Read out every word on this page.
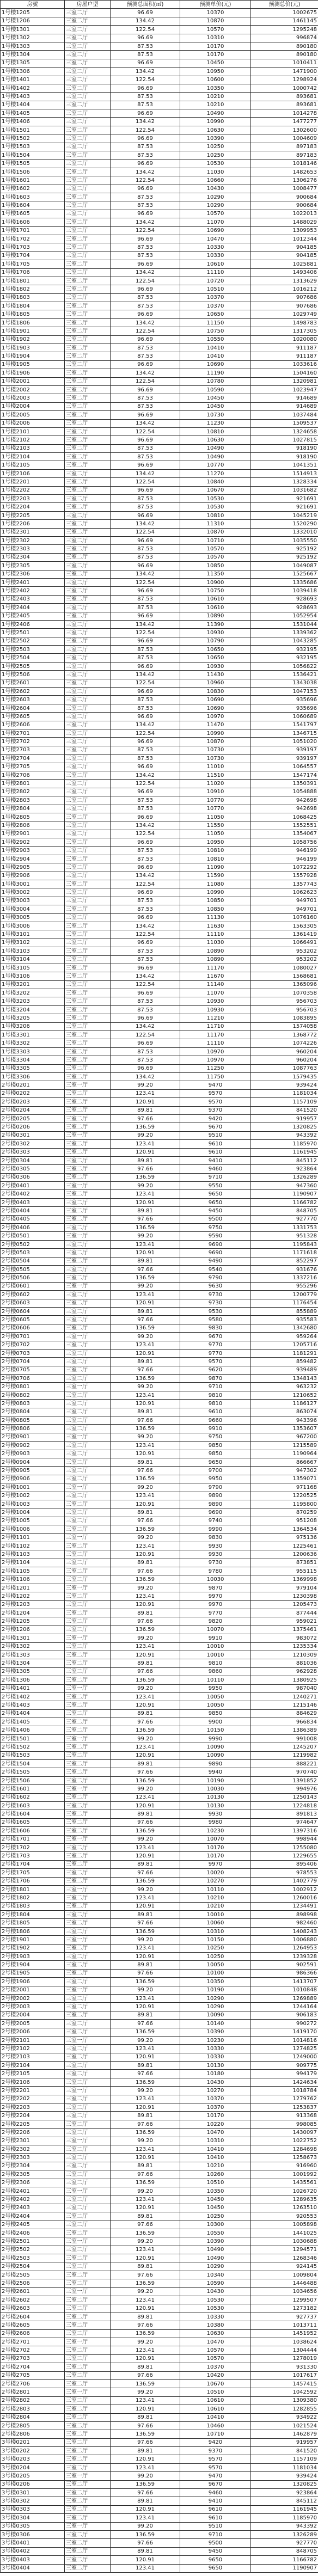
房號	房屋户型	预测总面积(㎡)	预测单价(元)	预测总价(元)
1号楼1205	三室二厅	96.69	10370	1002675
1号楼1206	三室二厅	134.42	10870	1461145
1号楼1301	三室二厅	122.54	10570	1295248
1号楼1302	三室二厅	96.69	10310	996874
1号楼1303	三室二厅	87.53	10170	890180
1号楼1304	三室二厅	87.53	10170	890180
1号楼1305	三室二厅	96.69	10450	1010411
1号楼1306	三室二厅	134.42	10950	1471900
1号楼1401	三室二厅	122.54	10600	1298924
1号楼1402	三室二厅	96.69	10350	1000742
1号楼1403	三室二厅	87.53	10210	893681
1号楼1404	三室二厅	87.53	10210	893681
1号楼1405	三室二厅	96.69	10490	1014278
1号楼1406	三室二厅	134.42	10990	1477277
1号楼1501	三室二厅	122.54	10630	1302600
1号楼1502	三室二厅	96.69	10390	1004609
1号楼1503	三室二厅	87.53	10250	897183
1号楼1504	三室二厅	87.53	10250	897183
1号楼1505	三室二厅	96.69	10530	1018146
1号楼1506	三室二厅	134.42	11030	1482653
1号楼1601	三室二厅	122.54	10660	1306276
1号楼1602	三室二厅	96.69	10430	1008477
1号楼1603	三室二厅	87.53	10290	900684
1号楼1604	三室二厅	87.53	10290	900684
1号楼1605	三室二厅	96.69	10570	1022013
1号楼1606	三室二厅	134.42	11070	1488029
1号楼1701	三室二厅	122.54	10690	1309953
1号楼1702	三室二厅	96.69	10470	1012344
1号楼1703	三室二厅	87.53	10330	904185
1号楼1704	三室二厅	87.53	10330	904185
1号楼1705	三室二厅	96.69	10610	1025881
1号楼1706	三室二厅	134.42	11110	1493406
1号楼1801	三室二厅	122.54	10720	1313629
1号楼1802	三室二厅	96.69	10510	1016212
1号楼1803	三室二厅	87.53	10370	907686
1号楼1804	三室二厅	87.53	10370	907686
1号楼1805	三室二厅	96.69	10650	1029749
1号楼1806	三室二厅	134.42	11150	1498783
1号楼1901	三室二厅	122.54	10750	1317305
1号楼1902	三室二厅	96.69	10550	1020080
1号楼1903	三室二厅	87.53	10410	911187
1号楼1904	三室二厅	87.53	10410	911187
1号楼1905	三室二厅	96.69	10690	1033616
1号楼1906	三室二厅	134.42	11190	1504160
1号楼2001	三室二厅	122.54	10780	1320981
1号楼2002	三室二厅	96.69	10590	1023947
1号楼2003	三室二厅	87.53	10450	914689
1号楼2004	三室二厅	87.53	10450	914689
1号楼2005	三室二厅	96.69	10730	1037484
1号楼2006	三室二厅	134.42	11230	1509537
1号楼2101	三室二厅	122.54	10810	1324658
1号楼2102	三室二厅	96.69	10630	1027815
1号楼2103	三室二厅	87.53	10490	918190
1号楼2104	三室二厅	87.53	10490	918190
1号楼2105	三室二厅	96.69	10770	1041351
1号楼2106	三室二厅	134.42	11270	1514913
1号楼2201	三室二厅	122.54	10840	1328334
1号楼2202	三室二厅	96.69	10670	1031682
1号楼2203	三室二厅	87.53	10530	921691
1号楼2204	三室二厅	87.53	10530	921691
1号楼2205	三室二厅	96.69	10810	1045219
1号楼2206	三室二厅	134.42	11310	1520290
1号楼2301	三室二厅	122.54	10870	1332010
1号楼2302	三室二厅	96.69	10710	1035550
1号楼2303	三室二厅	87.53	10570	925192
1号楼2304	三室二厅	87.53	10570	925192
1号楼2305	三室二厅	96.69	10850	1049087
1号楼2306	三室二厅	134.42	11350	1525667
1号楼2401	三室二厅	122.54	10900	1335686
1号楼2402	三室二厅	96.69	10750	1039418
1号楼2403	三室二厅	87.53	10610	928693
1号楼2404	三室二厅	87.53	10610	928693
1号楼2405	三室二厅	96.69	10890	1052954
1号楼2406	三室二厅	134.42	11390	1531044
1号楼2501	三室二厅	122.54	10930	1339362
1号楼2502	三室二厅	96.69	10790	1043285
1号楼2503	三室二厅	87.53	10650	932195
1号楼2504	三室二厅	87.53	10650	932195
1号楼2505	三室二厅	96.69	10930	1056822
1号楼2506	三室二厅	134.42	11430	1536421
1号楼2601	三室二厅	122.54	10960	1343038
1号楼2602	三室二厅	96.69	10830	1047153
1号楼2603	三室二厅	87.53	10690	935696
1号楼2604	三室二厅	87.53	10690	935696
1号楼2605	三室二厅	96.69	10970	1060689
1号楼2606	三室二厅	134.42	11470	1541797
1号楼2701	三室二厅	122.54	10990	1346715
1号楼2702	三室二厅	96.69	10870	1051020
1号楼2703	三室二厅	87.53	10730	939197
1号楼2704	三室二厅	87.53	10730	939197
1号楼2705	三室二厅	96.69	11010	1064557
1号楼2706	三室二厅	134.42	11510	1547174
1号楼2801	三室二厅	122.54	11020	1350391
1号楼2802	三室二厅	96.69	10910	1054888
1号楼2803	三室二厅	87.53	10770	942698
1号楼2804	三室二厅	87.53	10770	942698
1号楼2805	三室二厅	96.69	11050	1068425
1号楼2806	三室二厅	134.42	11550	1552551
1号楼2901	三室二厅	122.54	11050	1354067
1号楼2902	三室二厅	96.69	10950	1058756
1号楼2903	三室二厅	87.53	10810	946199
1号楼2904	三室二厅	87.53	10810	946199
1号楼2905	三室二厅	96.69	11090	1072292
1号楼2906	三室二厅	134.42	11590	1557928
1号楼3001	三室二厅	122.54	11080	1357743
1号楼3002	三室二厅	96.69	10990	1062623
1号楼3003	三室二厅	87.53	10850	949701
1号楼3004	三室二厅	87.53	10850	949701
1号楼3005	三室二厅	96.69	11130	1076160
1号楼3006	三室二厅	134.42	11630	1563305
1号楼3101	三室二厅	122.54	11110	1361419
1号楼3102	三室二厅	96.69	11030	1066491
1号楼3103	三室二厅	87.53	10890	953202
1号楼3104	三室二厅	87.53	10890	953202
1号楼3105	三室二厅	96.69	11170	1080027
1号楼3106	三室二厅	134.42	11670	1568681
1号楼3201	三室二厅	122.54	11140	1365096
1号楼3202	三室二厅	96.69	11070	1070358
1号楼3203	三室二厅	87.53	10930	956703
1号楼3204	三室二厅	87.53	10930	956703
1号楼3205	三室二厅	96.69	11210	1083895
1号楼3206	三室二厅	134.42	11710	1574058
1号楼3301	三室二厅	122.54	11170	1368772
1号楼3302	三室二厅	96.69	11110	1074226
1号楼3303	三室二厅	87.53	10970	960204
1号楼3304	三室二厅	87.53	10970	960204
1号楼3305	三室二厅	96.69	11250	1087763
1号楼3306	三室二厅	134.42	11750	1579435
2号楼0201	三室一厅	99.20	9470	939424
2号楼0202	三室二厅	123.41	9570	1181034
2号楼0203	三室二厅	120.91	9570	1157109
2号楼0204	三室二厅	89.81	9370	841520
2号楼0205	三室二厅	97.66	9420	919957
2号楼0206	三室二厅	136.59	9670	1320825
2号楼0301	三室一厅	99.20	9510	943392
2号楼0302	三室二厅	123.41	9610	1185970
2号楼0303	三室二厅	120.91	9610	1161945
2号楼0304	三室二厅	89.81	9410	845112
2号楼0305	三室二厅	97.66	9460	923864
2号楼0306	三室二厅	136.59	9710	1326289
2号楼0401	三室一厅	99.20	9550	947360
2号楼0402	三室二厅	123.41	9650	1190907
2号楼0403	三室二厅	120.91	9650	1166782
2号楼0404	三室二厅	89.81	9450	848705
2号楼0405	三室二厅	97.66	9500	927770
2号楼0406	三室二厅	136.59	9750	1331753
2号楼0501	三室一厅	99.20	9590	951328
2号楼0502	三室二厅	123.41	9690	1195843
2号楼0503	三室二厅	120.91	9690	1171618
2号楼0504	三室二厅	89.81	9490	852297
2号楼0505	三室二厅	97.66	9540	931676
2号楼0506	三室二厅	136.59	9790	1337216
2号楼0601	三室一厅	99.20	9630	955296
2号楼0602	三室二厅	123.41	9730	1200779
2号楼0603	三室二厅	120.91	9730	1176454
2号楼0604	三室二厅	89.81	9530	855889
2号楼0605	三室二厅	97.66	9580	935583
2号楼0606	三室二厅	136.59	9830	1342680
2号楼0701	三室一厅	99.20	9670	959264
2号楼0702	三室二厅	123.41	9770	1205716
2号楼0703	三室二厅	120.91	9770	1181291
2号楼0704	三室二厅	89.81	9570	859482
2号楼0705	三室二厅	97.66	9620	939489
2号楼0706	三室二厅	136.59	9870	1348143
2号楼0801	三室一厅	99.20	9710	963232
2号楼0802	三室二厅	123.41	9810	1210652
2号楼0803	三室二厅	120.91	9810	1186127
2号楼0804	三室二厅	89.81	9610	863074
2号楼0805	三室二厅	97.66	9660	943396
2号楼0806	三室二厅	136.59	9910	1353607
2号楼0901	三室一厅	99.20	9750	967200
2号楼0902	三室二厅	123.41	9850	1215589
2号楼0903	三室二厅	120.91	9850	1190964
2号楼0904	三室二厅	89.81	9650	866667
2号楼0905	三室二厅	97.66	9700	947302
2号楼0906	三室二厅	136.59	9950	1359071
2号楼1001	三室一厅	99.20	9790	971168
2号楼1002	三室二厅	123.41	9890	1220525
2号楼1003	三室二厅	120.91	9890	1195800
2号楼1004	三室二厅	89.81	9690	870259
2号楼1005	三室二厅	97.66	9740	951208
2号楼1006	三室二厅	136.59	9990	1364534
2号楼1101	三室一厅	99.20	9830	975136
2号楼1102	三室二厅	123.41	9930	1225461
2号楼1103	三室二厅	120.91	9930	1200636
2号楼1104	三室二厅	89.81	9730	873851
2号楼1105	三室二厅	97.66	9780	955115
2号楼1106	三室二厅	136.59	10030	1369998
2号楼1201	三室一厅	99.20	9870	979104
2号楼1202	三室二厅	123.41	9970	1230398
2号楼1203	三室二厅	120.91	9970	1205473
2号楼1204	三室二厅	89.81	9770	877444
2号楼1205	三室二厅	97.66	9820	959021
2号楼1206	三室二厅	136.59	10070	1375461
2号楼1301	三室一厅	99.20	9910	983072
2号楼1302	三室二厅	123.41	10010	1235334
2号楼1303	三室二厅	120.91	10010	1210309
2号楼1304	三室二厅	89.81	9810	881036
2号楼1305	三室二厅	97.66	9860	962928
2号楼1306	三室二厅	136.59	10110	1380925
2号楼1401	三室一厅	99.20	9950	987040
2号楼1402	三室二厅	123.41	10050	1240271
2号楼1403	三室二厅	120.91	10050	1215146
2号楼1404	三室二厅	89.81	9850	884629
2号楼1405	三室二厅	97.66	9900	966834
2号楼1406	三室二厅	136.59	10150	1386389
2号楼1501	三室一厅	99.20	9990	991008
2号楼1502	三室二厅	123.41	10090	1245207
2号楼1503	三室二厅	120.91	10090	1219982
2号楼1504	三室二厅	89.81	9890	888221
2号楼1505	三室二厅	97.66	9940	970740
2号楼1506	三室二厅	136.59	10190	1391852
2号楼1601	三室一厅	99.20	10030	994976
2号楼1602	三室二厅	123.41	10130	1250143
2号楼1603	三室二厅	120.91	10130	1224818
2号楼1604	三室二厅	89.81	9930	891813
2号楼1605	三室二厅	97.66	9980	974647
2号楼1606	三室二厅	136.59	10230	1397316
2号楼1701	三室一厅	99.20	10070	998944
2号楼1702	三室二厅	123.41	10170	1255080
2号楼1703	三室二厅	120.91	10170	1229655
2号楼1704	三室二厅	89.81	9970	895406
2号楼1705	三室二厅	97.66	10020	978553
2号楼1706	三室二厅	136.59	10270	1402779
2号楼1801	三室一厅	99.20	10110	1002912
2号楼1802	三室二厅	123.41	10210	1260016
2号楼1803	三室二厅	120.91	10210	1234491
2号楼1804	三室二厅	89.81	10010	898998
2号楼1805	三室二厅	97.66	10060	982460
2号楼1806	三室二厅	136.59	10310	1408243
2号楼1901	三室一厅	99.20	10150	1006880
2号楼1902	三室二厅	123.41	10250	1264953
2号楼1903	三室二厅	120.91	10250	1239328
2号楼1904	三室二厅	89.81	10050	902591
2号楼1905	三室二厅	97.66	10100	986366
2号楼1906	三室二厅	136.59	10350	1413707
2号楼2001	三室一厅	99.20	10190	1010848
2号楼2002	三室二厅	123.41	10290	1269889
2号楼2003	三室二厅	120.91	10290	1244164
2号楼2004	三室二厅	89.81	10090	906183
2号楼2005	三室二厅	97.66	10140	990272
2号楼2006	三室二厅	136.59	10390	1419170
2号楼2101	三室一厅	99.20	10230	1014816
2号楼2102	三室二厅	123.41	10330	1274825
2号楼2103	三室二厅	120.91	10330	1249000
2号楼2104	三室二厅	89.81	10130	909775
2号楼2105	三室二厅	97.66	10180	994179
2号楼2106	三室二厅	136.59	10430	1424634
2号楼2201	三室一厅	99.20	10270	1018784
2号楼2202	三室二厅	123.41	10370	1279762
2号楼2203	三室二厅	120.91	10370	1253837
2号楼2204	三室二厅	89.81	10170	913368
2号楼2205	三室二厅	97.66	10220	998085
2号楼2206	三室二厅	136.59	10470	1430097
2号楼2301	三室一厅	99.20	10310	1022752
2号楼2302	三室二厅	123.41	10410	1284698
2号楼2303	三室二厅	120.91	10410	1258673
2号楼2304	三室二厅	89.81	10210	916960
2号楼2305	三室二厅	97.66	10260	1001992
2号楼2306	三室二厅	136.59	10510	1435561
2号楼2401	三室一厅	99.20	10350	1026720
2号楼2402	三室二厅	123.41	10450	1289635
2号楼2403	三室二厅	120.91	10450	1263510
2号楼2404	三室二厅	89.81	10250	920553
2号楼2405	三室二厅	97.66	10300	1005898
2号楼2406	三室二厅	136.59	10550	1441025
2号楼2501	三室一厅	99.20	10390	1030688
2号楼2502	三室二厅	123.41	10490	1294571
2号楼2503	三室二厅	120.91	10490	1268346
2号楼2504	三室二厅	89.81	10290	924145
2号楼2505	三室二厅	97.66	10340	1009804
2号楼2506	三室二厅	136.59	10590	1446488
2号楼2601	三室一厅	99.20	10430	1034656
2号楼2602	三室二厅	123.41	10530	1299507
2号楼2603	三室二厅	120.91	10530	1273182
2号楼2604	三室二厅	89.81	10330	927737
2号楼2605	三室二厅	97.66	10380	1013711
2号楼2606	三室二厅	136.59	10630	1451952
2号楼2701	三室一厅	99.20	10470	1038624
2号楼2702	三室二厅	123.41	10570	1304444
2号楼2703	三室二厅	120.91	10570	1278019
2号楼2704	三室二厅	89.81	10370	931330
2号楼2705	三室二厅	97.66	10420	1017617
2号楼2706	三室二厅	136.59	10670	1457415
2号楼2801	三室一厅	99.20	10510	1042592
2号楼2802	三室二厅	123.41	10610	1309380
2号楼2803	三室二厅	120.91	10610	1282855
2号楼2804	三室二厅	89.81	10410	934922
2号楼2805	三室二厅	97.66	10460	1021524
2号楼2806	三室二厅	136.59	10710	1462879
3号楼0201	三室二厅	97.66	9420	919957
3号楼0202	三室二厅	89.81	9370	841520
3号楼0203	三室二厅	120.91	9570	1157109
3号楼0204	三室二厅	123.41	9570	1181034
3号楼0205	三室一厅	99.20	9470	939424
3号楼0206	三室二厅	136.59	9670	1320825
3号楼0301	三室二厅	97.66	9460	923864
3号楼0302	三室二厅	89.81	9410	845112
3号楼0303	三室二厅	120.91	9610	1161945
3号楼0304	三室二厅	123.41	9610	1185970
3号楼0305	三室一厅	99.20	9510	943392
3号楼0306	三室二厅	136.59	9710	1326289
3号楼0401	三室二厅	97.66	9500	927770
3号楼0402	三室二厅	89.81	9450	848705
3号楼0403	三室二厅	120.91	9650	1166782
3号楼0404	三室二厅	123.41	9650	1190907
